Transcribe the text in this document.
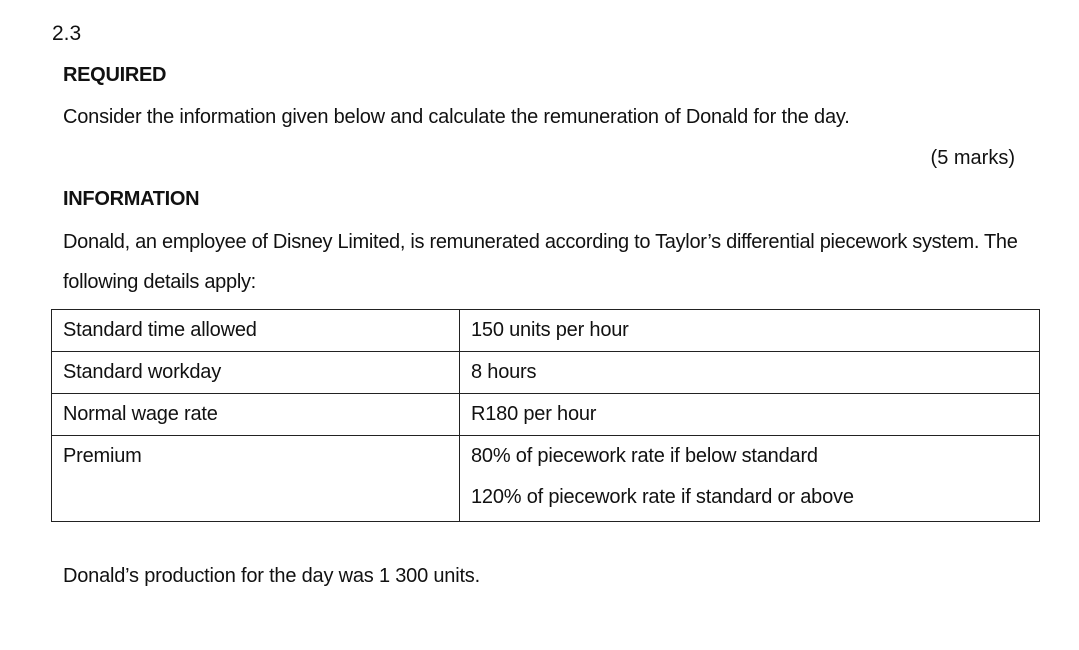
2.3
REQUIRED
Consider the information given below and calculate the remuneration of Donald for the day.
(5 marks)
INFORMATION
Donald, an employee of Disney Limited, is remunerated according to Taylor’s differential piecework system. The
following details apply:
Standard time allowed	150 units per hour
Standard workday	8 hours
Normal wage rate	R180 per hour
Premium	80% of piecework rate if below standard
120% of piecework rate if standard or above
Donald’s production for the day was 1 300 units.
